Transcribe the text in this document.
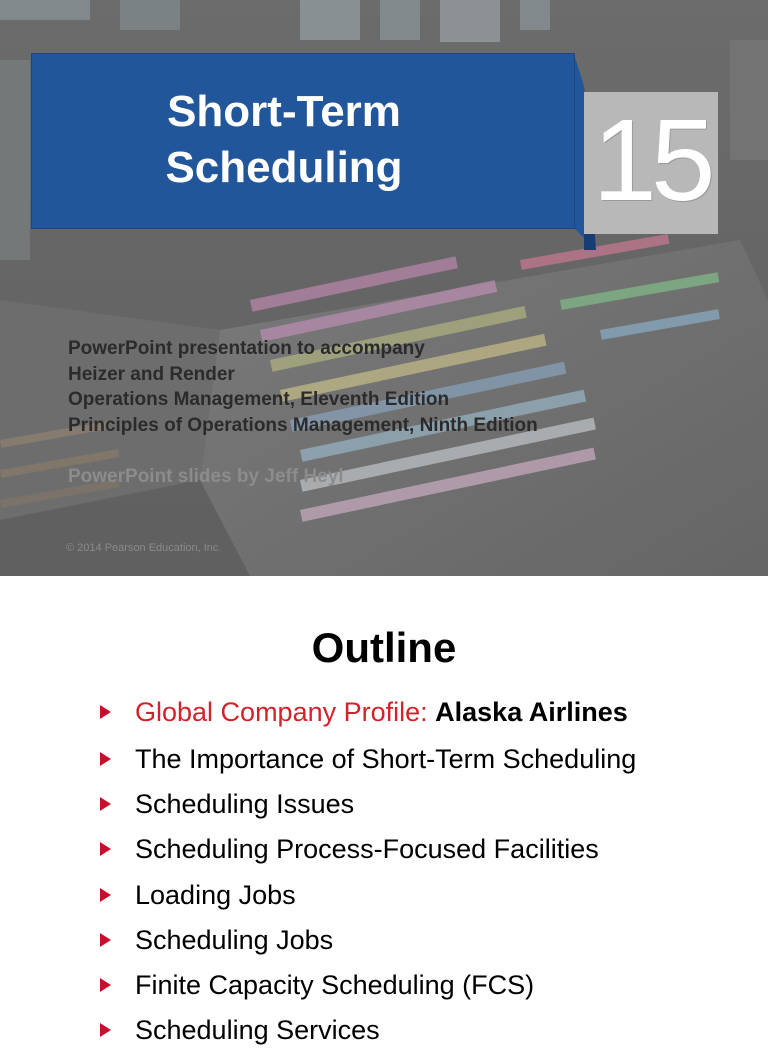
Short-Term
Scheduling	15
PowerPoint presentation to accompany
Heizer and Render
Operations Management, Eleventh Edition
Principles of Operations Management, Ninth Edition
PowerPoint slides by Jeff Heyl
© 2014 Pearson Education, Inc.
Outline
Global Company Profile: Alaska Airlines
The Importance of Short-Term Scheduling
Scheduling Issues
Scheduling Process-Focused Facilities
Loading Jobs
Scheduling Jobs
Finite Capacity Scheduling (FCS)
Scheduling Services
